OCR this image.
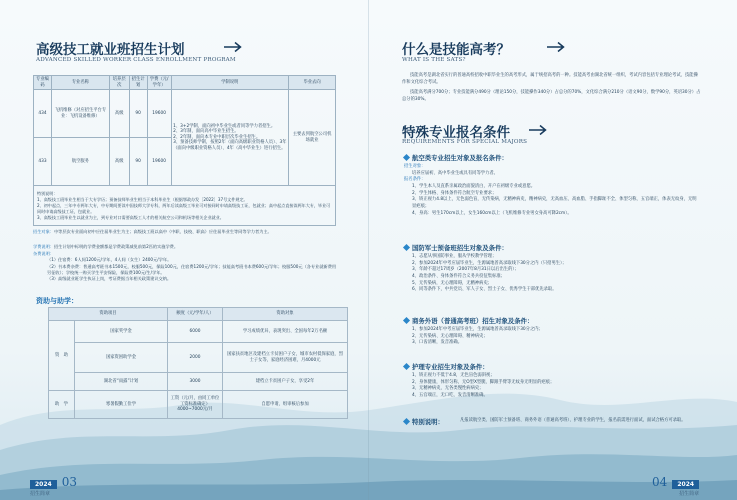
高级技工就业班招生计划
ADVANCED SKILLED WORKER CLASS ENROLLMENT PROGRAM
专业编码	专业名称	培养层次	招生计划	学费（元/学年）	学制说明	毕业去向
434	飞机维修（对应招生平台专业：飞机设备维修）	高级	90	19600	1、3+2学制，面向初中毕业生或者同等学力者招生。
2、3年制，面向高中毕业生招生。
2、2年制，面向本专业中职层次毕业生招生。
3、预备技师学制，按照2年（面向高级职业资格人员）、3年（面向中级职业资格人员）、4年（高中毕业生）进行招生。	主要去到航空公司机场就业
433	航空服务	高级	90	19600		
特别说明：
1、高级技工班毕业生相当于大专学历；预备技师毕业生相当于本科毕业生（根据鄂政办发［2022］37号文件规定。
2、初中起点，三年中专两年大专，中专期间要读中国技师大学专科，两年后读高级工毕业可对接同时申请高级技工证，包就业；高中起点直接读两年大专，毕业可同时申请高级技工证，包就业。
3、高级技工班毕业生以就业为主，到专业对口需要高级工人才的相关航空公司和机场等相关企业就业。						
招生对象：中等层次专业面向初中应往届毕业生为主；高级技工班以高中（中职、技校、职高）应往届毕业生等同等学力者为主。
学费说明：招生计划中标明的学费金额都是学费政策减免前第2匹的实施学费。
杂费说明：
（1）住宿费：6人间1200元/学年，4人间（女生）2400元/学年。
（2）书本费杂费：普通高考班书本1500元，校服500元，保险100元，住宿费1200元/学年；技能高考班书本费600元/学年；校服500元（各专业就新费用另征收）；学校统一购买学生平安保险，保险费100元/生/学年。
（3）高级就业班学生执证上岗，考证费据当年相关政策建议交纳。
资助与助学：
资助项目		额度（元/学年/人）	资助对象
资　助	国家奖学金	6000	学习成绩优异，表现突出、全国每年2万名额
	国家资困助学金	2000	国家扶贫地区及建档立卡贫困户子女，城市农村低保家庭，烈士子女等，家庭经济困难，月4000元
	湖北省“雨露”计划	3000	建档立卡贫困户子女，享受2年
助　学	寒暑假勤工俭学	工资（元/月，由同工单位工资标准确定）4000~7000元/月	自愿申请，组审核后参加
2024 03
招生简章
什么是技能高考？
WHAT IS THE SATS?
技能高考是湖北省实行的普通高校招收中职毕业生的高考形式，属于统招高考的一种。技能高考由湖北省统一组织，考试内容包括专业理论考试、技能操作和文化综合考试。
技能高考满分700分；专业技能满分490分（理论150分，技能操作340分）占总分的70%，文化综合满分210分（语文90分，数学90分，英语30分）占总分的30%。
特殊专业报名条件
REQUIREMENTS FOR SPECIAL MAJORS
航空类专业招生对象及报名条件：
招生对象：
培养应届初、高中毕业生或具有同等学力者。
报名条件：
1、学生本人及直系亲属政治面貌清白，开户在初级专业或意愿。
2、学生体格、身体条件符合航空专业要求；
3、矫正视力4.8以上，无色弱色盲，无传染病，无精神病史，精神病史，无高血压、高血脂、手指脚趾不全、体型匀称，五官端正，体表无纹身，无明显疤痕；
4、身高：男生170cm以上，女生160cm以上（飞机维修专业男女身高可降2cm）。
国防军士预备班招生对象及条件：
1、志愿从事国防事业，服从学校教学管理；
2、参加2024年中考应届毕业生，生源属地普高录取线下30分之内（只招男生）；
3、年龄不超过17周岁（2007年8月31日以后出生的）；
4、政治条件、身体条件符合义务兵役征集标准；
5、无传染病，无心理障碍，无精神病史；
6、同等条件下，中共党员、军人子女、烈士子女、优秀学生干部优先录取。
商务外语（普通高考班）招生对象及条件：
1、参加2024年中考应届毕业生，生源属地普高录取线下30分之内；
2、无传染病、无心理障碍、精神病史；
3、口齿清晰，发音准确。
护理专业招生对象及条件：
1、矫正视力不低于4.8，无色盲色弱斜视；
2、身体健康，体形匀称，无O型X型腿，脚跟手臂等无纹身无明显的疤痕；
3、无精神病史，无各类慢性病病史；
4、五官端正，无口吃，发音清晰准确。
特别说明：	凡报读航空类、国防军士预备班、商务外语（普通高考班）、护理专业的学生，报名前需进行面试，面试合格方可录取。
04 2024
招生简章
